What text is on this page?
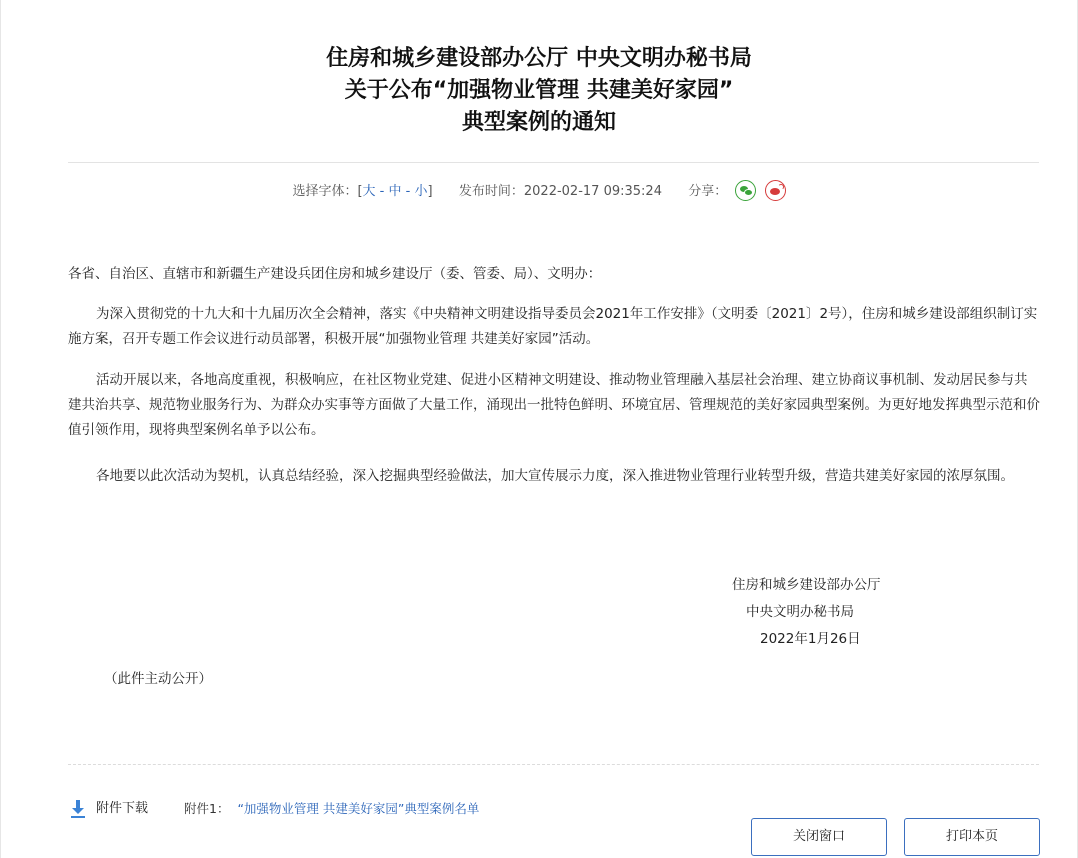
住房和城乡建设部办公厅 中央文明办秘书局
关于公布“加强物业管理 共建美好家园”
典型案例的通知
选择字体：[大 - 中 - 小] 发布时间：2022-02-17 09:35:24 分享：
各省、自治区、直辖市和新疆生产建设兵团住房和城乡建设厅（委、管委、局）、文明办：
为深入贯彻党的十九大和十九届历次全会精神，落实《中央精神文明建设指导委员会2021年工作安排》（文明委〔2021〕2号），住房和城乡建设部组织制订实施方案，召开专题工作会议进行动员部署，积极开展“加强物业管理 共建美好家园”活动。
活动开展以来，各地高度重视，积极响应，在社区物业党建、促进小区精神文明建设、推动物业管理融入基层社会治理、建立协商议事机制、发动居民参与共建共治共享、规范物业服务行为、为群众办实事等方面做了大量工作，涌现出一批特色鲜明、环境宜居、管理规范的美好家园典型案例。为更好地发挥典型示范和价值引领作用，现将典型案例名单予以公布。
各地要以此次活动为契机，认真总结经验，深入挖掘典型经验做法，加大宣传展示力度，深入推进物业管理行业转型升级，营造共建美好家园的浓厚氛围。
住房和城乡建设部办公厅
中央文明办秘书局
2022年1月26日
（此件主动公开）
附件下载	附件1： “加强物业管理 共建美好家园”典型案例名单
关闭窗口	打印本页
